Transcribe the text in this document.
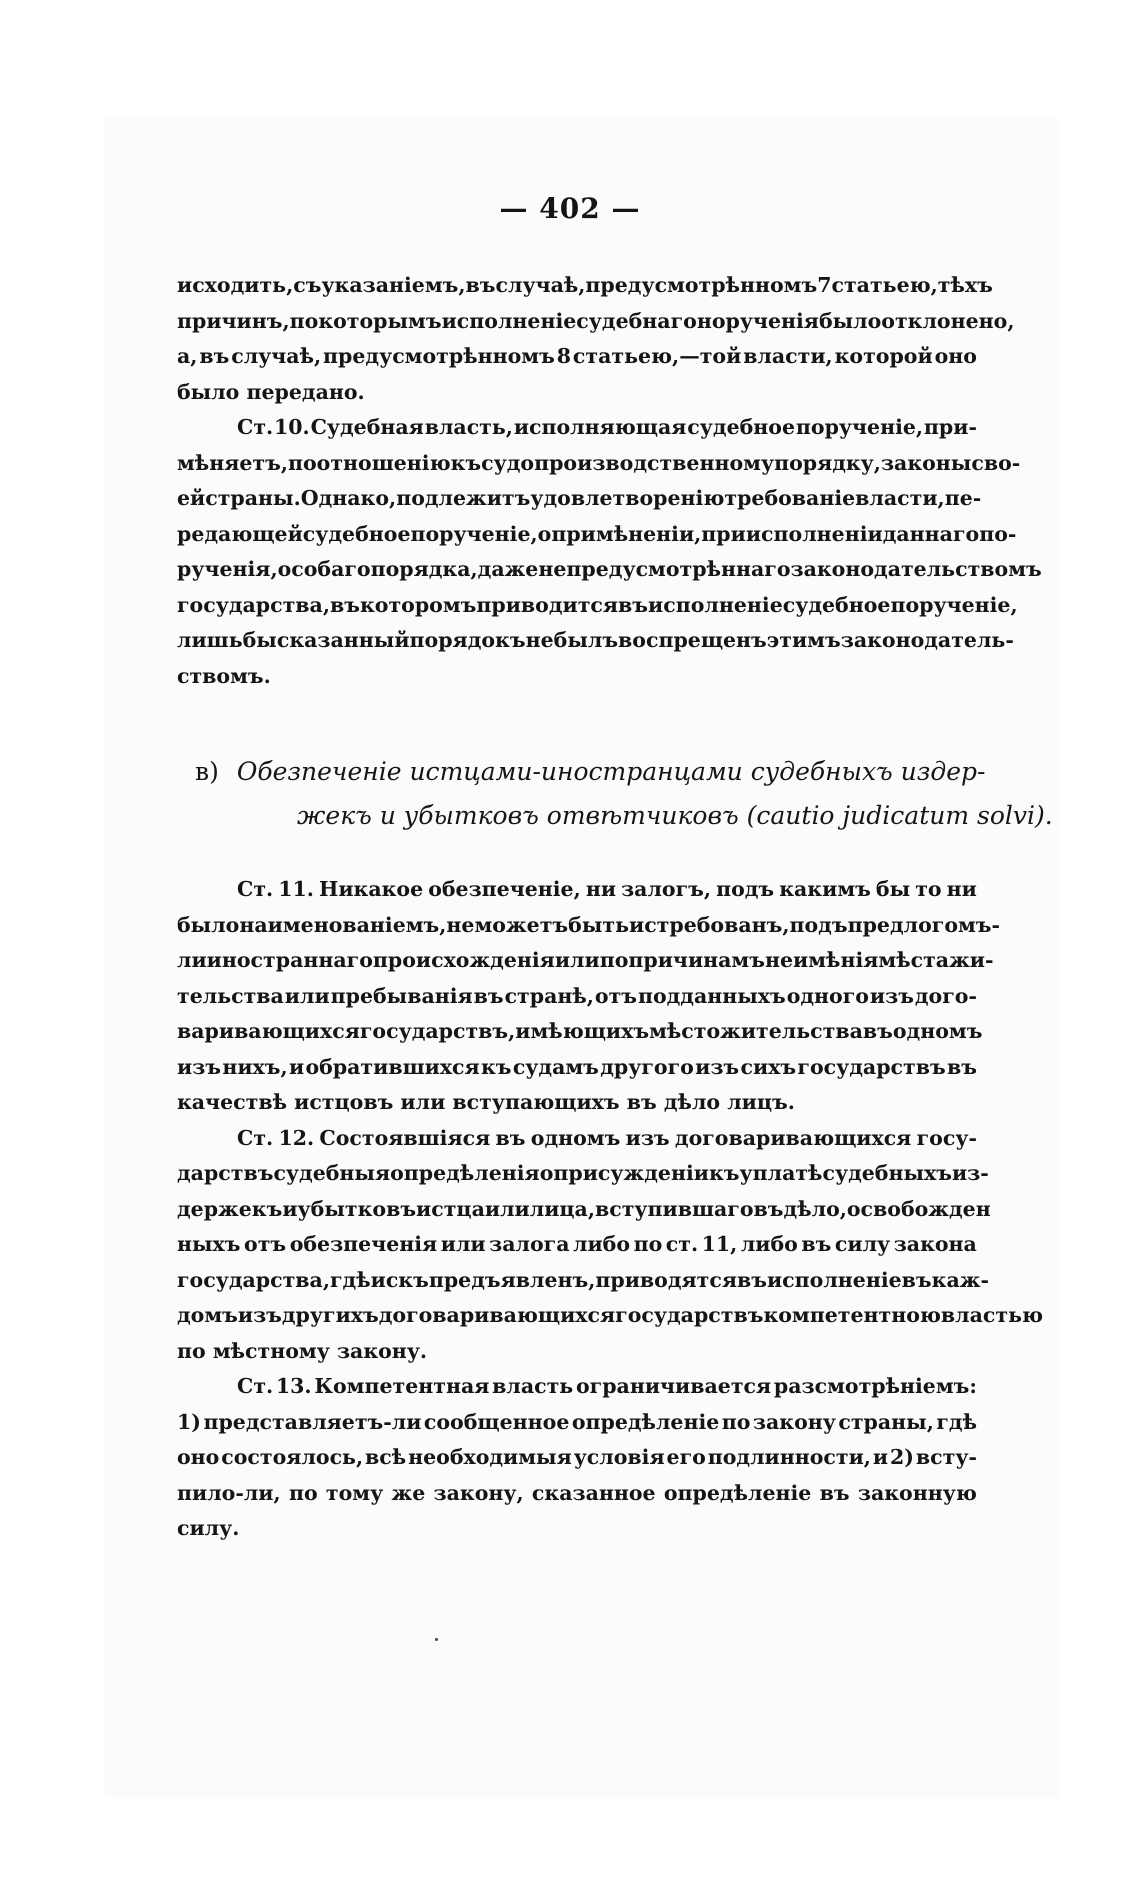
— 402 —
исходить, съ указаніемъ, въ случаѣ, предусмотрѣнномъ 7 статьею, тѣхъ
причинъ, по которымъ исполненіе судебнаго норученія было отклонено,
а, въ случаѣ, предусмотрѣнномъ 8 статьею,—той власти, которой оно
было передано.
Ст. 10. Судебная власть, исполняющая судебное порученіе, при-
мѣняетъ, по отношенію къ судопроизводственному порядку, законы сво-
ей страны. Однако, подлежитъ удовлетворенію требованіе власти, пе-
редающей судебное порученіе, о примѣненіи, при исполненіи даннаго по-
рученія, особаго порядка, даже непредусмотрѣннаго законодательствомъ
государства, въ которомъ приводится въ исполненіе судебное порученіе,
лишь бы сказанный порядокъ не былъ воспрещенъ этимъ законодатель-
ствомъ.
в) Обезпеченіе истцами-иностранцами судебныхъ издер-
жекъ и убытковъ отвѣтчиковъ (cautio judicatum solvi).
Ст. 11. Никакое обезпеченіе, ни залогъ, подъ какимъ бы то ни
было наименованіемъ, не можетъ быть истребованъ, подъ предлогомъ-
ли иностраннаго происхожденія или по причинамъ неимѣнія мѣста жи-
тельства или пребыванія въ странѣ, отъ подданныхъ одного изъ дого-
варивающихся государствъ, имѣющихъ мѣсто жительства въ одномъ
изъ нихъ, и обратившихся къ судамъ другого изъ сихъ государствъ въ
качествѣ истцовъ или вступающихъ въ дѣло лицъ.
Ст. 12. Состоявшіяся въ одномъ изъ договаривающихся госу-
дарствъ судебныя опредѣленія о присужденіи къ уплатѣ судебныхъ из-
держекъ и убытковъ истца или лица, вступившаго въ дѣло, освобожден
ныхъ отъ обезпеченія или залога либо по ст. 11, либо въ силу закона
государства, гдѣ искъ предъявленъ, приводятся въ исполненіе въ каж-
домъ изъ другихъ договаривающихся государствъ компетентною властью
по мѣстному закону.
Ст. 13. Компетентная власть ограничивается разсмотрѣніемъ:
1) представляетъ-ли сообщенное опредѣленіе по закону страны, гдѣ
оно состоялось, всѣ необходимыя условія его подлинности, и 2) всту-
пило-ли, по тому же закону, сказанное опредѣленіе въ законную
силу.
